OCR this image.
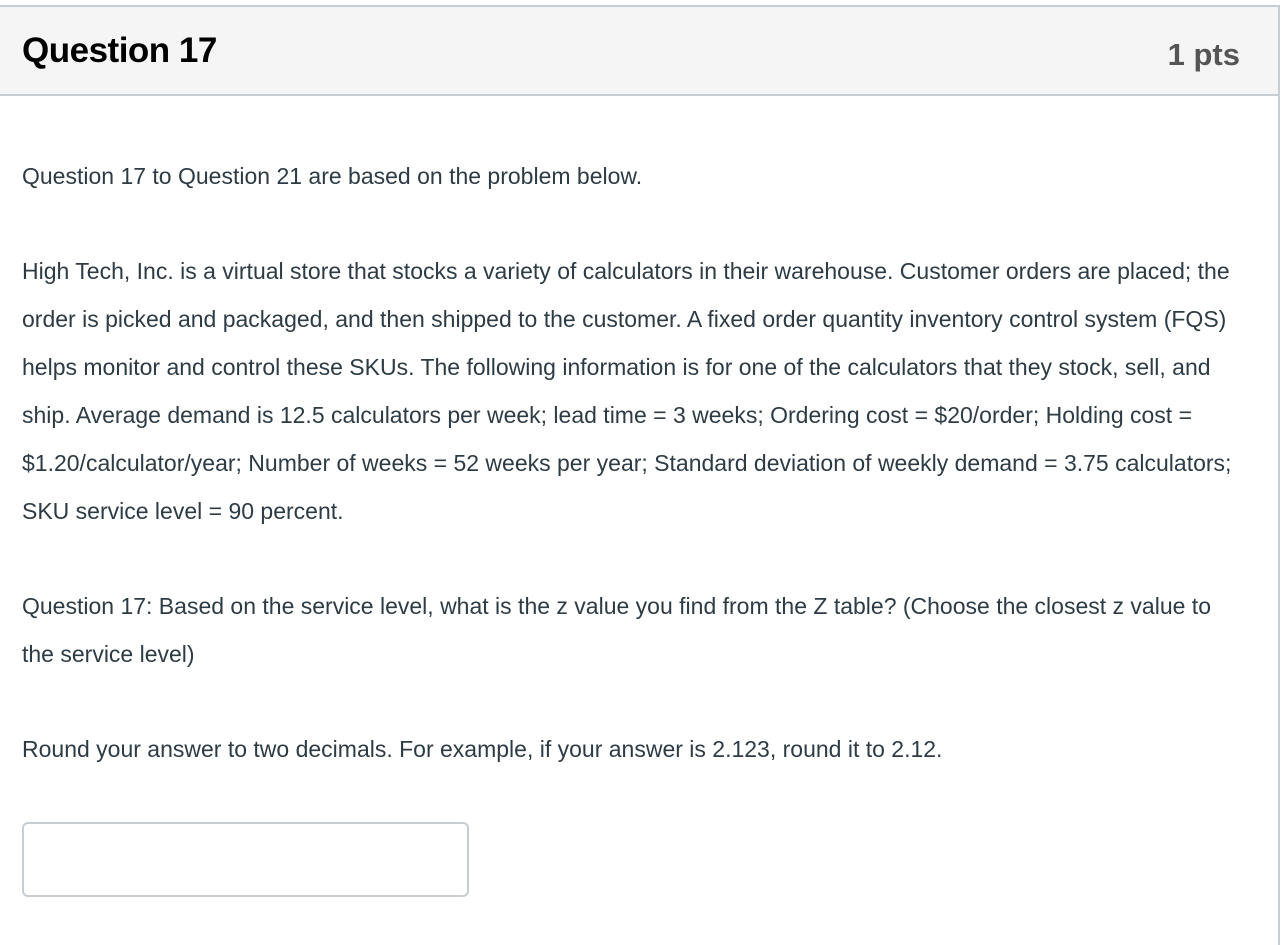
Question 17	1 pts

Question 17 to Question 21 are based on the problem below.

High Tech, Inc. is a virtual store that stocks a variety of calculators in their warehouse. Customer orders are placed; the order is picked and packaged, and then shipped to the customer. A fixed order quantity inventory control system (FQS) helps monitor and control these SKUs. The following information is for one of the calculators that they stock, sell, and ship. Average demand is 12.5 calculators per week; lead time = 3 weeks; Ordering cost = $20/order; Holding cost = $1.20/calculator/year; Number of weeks = 52 weeks per year; Standard deviation of weekly demand = 3.75 calculators; SKU service level = 90 percent.

Question 17: Based on the service level, what is the z value you find from the Z table? (Choose the closest z value to the service level)

Round your answer to two decimals. For example, if your answer is 2.123, round it to 2.12.
